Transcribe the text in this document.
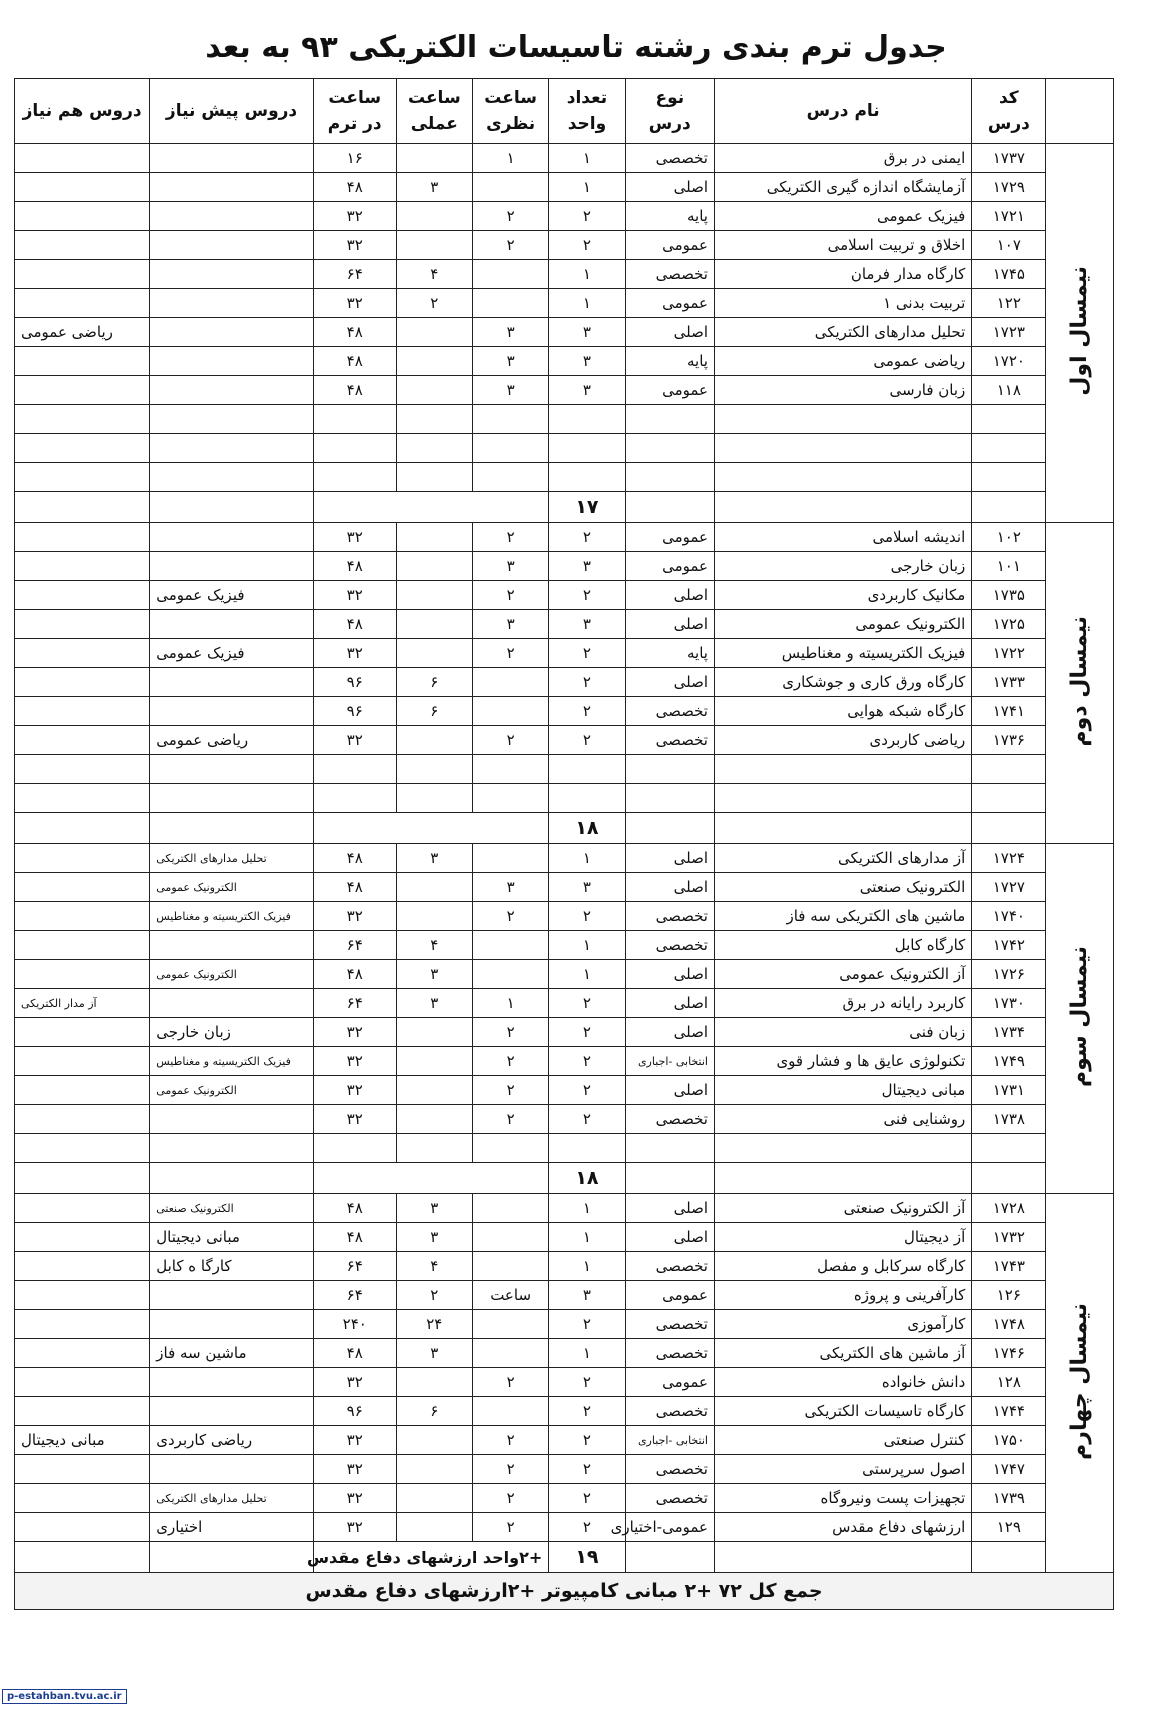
جدول ترم بندی رشته تاسیسات الکتریکی ۹۳ به بعد
	کد درس	نام درس	نوع درس	تعداد واحد	ساعت نظری	ساعت عملی	ساعت در ترم	دروس پیش نیاز	دروس هم نیاز
نیمسال اول	۱۷۳۷	ایمنی در برق	تخصصی	۱	۱		۱۶		
	۱۷۲۹	آزمایشگاه اندازه گیری الکتریکی	اصلی	۱		۳	۴۸		
	۱۷۲۱	فیزیک عمومی	پایه	۲	۲		۳۲		
	۱۰۷	اخلاق و تربیت اسلامی	عمومی	۲	۲		۳۲		
	۱۷۴۵	کارگاه مدار فرمان	تخصصی	۱		۴	۶۴		
	۱۲۲	تربیت بدنی ۱	عمومی	۱		۲	۳۲		
	۱۷۲۳	تحلیل مدارهای الکتریکی	اصلی	۳	۳		۴۸		ریاضی عمومی
	۱۷۲۰	ریاضی عمومی	پایه	۳	۳		۴۸		
	۱۱۸	زبان فارسی	عمومی	۳	۳		۴۸		

				۱۷					
نیمسال دوم	۱۰۲	اندیشه اسلامی	عمومی	۲	۲		۳۲		
	۱۰۱	زبان خارجی	عمومی	۳	۳		۴۸		
	۱۷۳۵	مکانیک کاربردی	اصلی	۲	۲		۳۲	فیزیک عمومی	
	۱۷۲۵	الکترونیک عمومی	اصلی	۳	۳		۴۸		
	۱۷۲۲	فیزیک الکتریسیته و مغناطیس	پایه	۲	۲		۳۲	فیزیک عمومی	
	۱۷۳۳	کارگاه ورق کاری و جوشکاری	اصلی	۲		۶	۹۶		
	۱۷۴۱	کارگاه شبکه هوایی	تخصصی	۲		۶	۹۶		
	۱۷۳۶	ریاضی کاربردی	تخصصی	۲	۲		۳۲	ریاضی عمومی	

				۱۸					
نیمسال سوم	۱۷۲۴	آز مدارهای الکتریکی	اصلی	۱		۳	۴۸	تحلیل مدارهای الکتریکی	
	۱۷۲۷	الکترونیک صنعتی	اصلی	۳	۳		۴۸	الکترونیک عمومی	
	۱۷۴۰	ماشین های الکتریکی سه فاز	تخصصی	۲	۲		۳۲	فیزیک الکتریسیته و مغناطیس	
	۱۷۴۲	کارگاه کابل	تخصصی	۱		۴	۶۴		
	۱۷۲۶	آز الکترونیک عمومی	اصلی	۱		۳	۴۸	الکترونیک عمومی	
	۱۷۳۰	کاربرد رایانه در برق	اصلی	۲	۱	۳	۶۴		آز مدار الکتریکی
	۱۷۳۴	زبان فنی	اصلی	۲	۲		۳۲	زبان خارجی	
	۱۷۴۹	تکنولوژی عایق ها و فشار قوی	انتخابی -اجباری	۲	۲		۳۲	فیزیک الکتریسیته و مغناطیس	
	۱۷۳۱	مبانی دیجیتال	اصلی	۲	۲		۳۲	الکترونیک عمومی	
	۱۷۳۸	روشنایی فنی	تخصصی	۲	۲		۳۲		

				۱۸					
نیمسال چهارم	۱۷۲۸	آز الکترونیک صنعتی	اصلی	۱		۳	۴۸	الکترونیک صنعتی	
	۱۷۳۲	آز دیجیتال	اصلی	۱		۳	۴۸	مبانی دیجیتال	
	۱۷۴۳	کارگاه سرکابل و مفصل	تخصصی	۱		۴	۶۴	کارگا ه کابل	
	۱۲۶	کارآفرینی و پروژه	عمومی	۳	ساعت	۲	۶۴		
	۱۷۴۸	کارآموزی	تخصصی	۲		۲۴	۲۴۰		
	۱۷۴۶	آز ماشین های الکتریکی	تخصصی	۱		۳	۴۸	ماشین سه فاز	
	۱۲۸	دانش خانواده	عمومی	۲	۲		۳۲		
	۱۷۴۴	کارگاه تاسیسات الکتریکی	تخصصی	۲		۶	۹۶		
	۱۷۵۰	کنترل صنعتی	انتخابی -اجباری	۲	۲		۳۲	ریاضی کاربردی	مبانی دیجیتال
	۱۷۴۷	اصول سرپرستی	تخصصی	۲	۲		۳۲		
	۱۷۳۹	تجهیزات پست ونیروگاه	تخصصی	۲	۲		۳۲	تحلیل مدارهای الکتریکی	
	۱۲۹	ارزشهای دفاع مقدس	عمومی-اختیاری	۲	۲		۳۲	اختیاری	
				۱۹	+۲واحد ارزشهای دفاع مقدس				
جمع کل ۷۲ +۲ مبانی کامپیوتر +۲ارزشهای دفاع مقدس									
p-estahban.tvu.ac.ir
